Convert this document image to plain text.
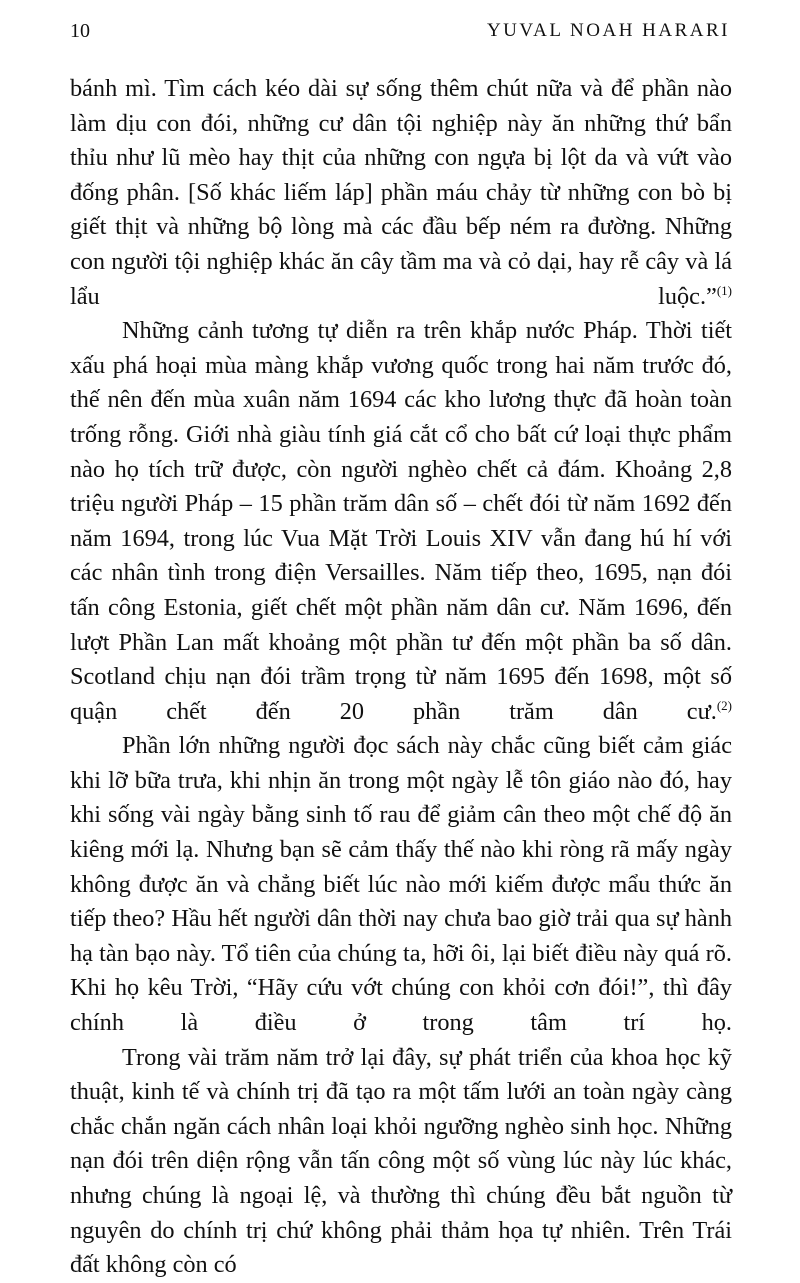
10	YUVAL NOAH HARARI

bánh mì. Tìm cách kéo dài sự sống thêm chút nữa và để phần nào làm dịu con đói, những cư dân tội nghiệp này ăn những thứ bẩn thỉu như lũ mèo hay thịt của những con ngựa bị lột da và vứt vào đống phân. [Số khác liếm láp] phần máu chảy từ những con bò bị giết thịt và những bộ lòng mà các đầu bếp ném ra đường. Những con người tội nghiệp khác ăn cây tầm ma và cỏ dại, hay rễ cây và lá lẩu luộc.”$^{(1)}$

Những cảnh tương tự diễn ra trên khắp nước Pháp. Thời tiết xấu phá hoại mùa màng khắp vương quốc trong hai năm trước đó, thế nên đến mùa xuân năm 1694 các kho lương thực đã hoàn toàn trống rỗng. Giới nhà giàu tính giá cắt cổ cho bất cứ loại thực phẩm nào họ tích trữ được, còn người nghèo chết cả đám. Khoảng 2,8 triệu người Pháp – 15 phần trăm dân số – chết đói từ năm 1692 đến năm 1694, trong lúc Vua Mặt Trời Louis XIV vẫn đang hú hí với các nhân tình trong điện Versailles. Năm tiếp theo, 1695, nạn đói tấn công Estonia, giết chết một phần năm dân cư. Năm 1696, đến lượt Phần Lan mất khoảng một phần tư đến một phần ba số dân. Scotland chịu nạn đói trầm trọng từ năm 1695 đến 1698, một số quận chết đến 20 phần trăm dân cư.$^{(2)}$

Phần lớn những người đọc sách này chắc cũng biết cảm giác khi lỡ bữa trưa, khi nhịn ăn trong một ngày lễ tôn giáo nào đó, hay khi sống vài ngày bằng sinh tố rau để giảm cân theo một chế độ ăn kiêng mới lạ. Nhưng bạn sẽ cảm thấy thế nào khi ròng rã mấy ngày không được ăn và chẳng biết lúc nào mới kiếm được mẩu thức ăn tiếp theo? Hầu hết người dân thời nay chưa bao giờ trải qua sự hành hạ tàn bạo này. Tổ tiên của chúng ta, hỡi ôi, lại biết điều này quá rõ. Khi họ kêu Trời, “Hãy cứu vớt chúng con khỏi cơn đói!”, thì đây chính là điều ở trong tâm trí họ.

Trong vài trăm năm trở lại đây, sự phát triển của khoa học kỹ thuật, kinh tế và chính trị đã tạo ra một tấm lưới an toàn ngày càng chắc chắn ngăn cách nhân loại khỏi ngưỡng nghèo sinh học. Những nạn đói trên diện rộng vẫn tấn công một số vùng lúc này lúc khác, nhưng chúng là ngoại lệ, và thường thì chúng đều bắt nguồn từ nguyên do chính trị chứ không phải thảm họa tự nhiên. Trên Trái đất không còn có
